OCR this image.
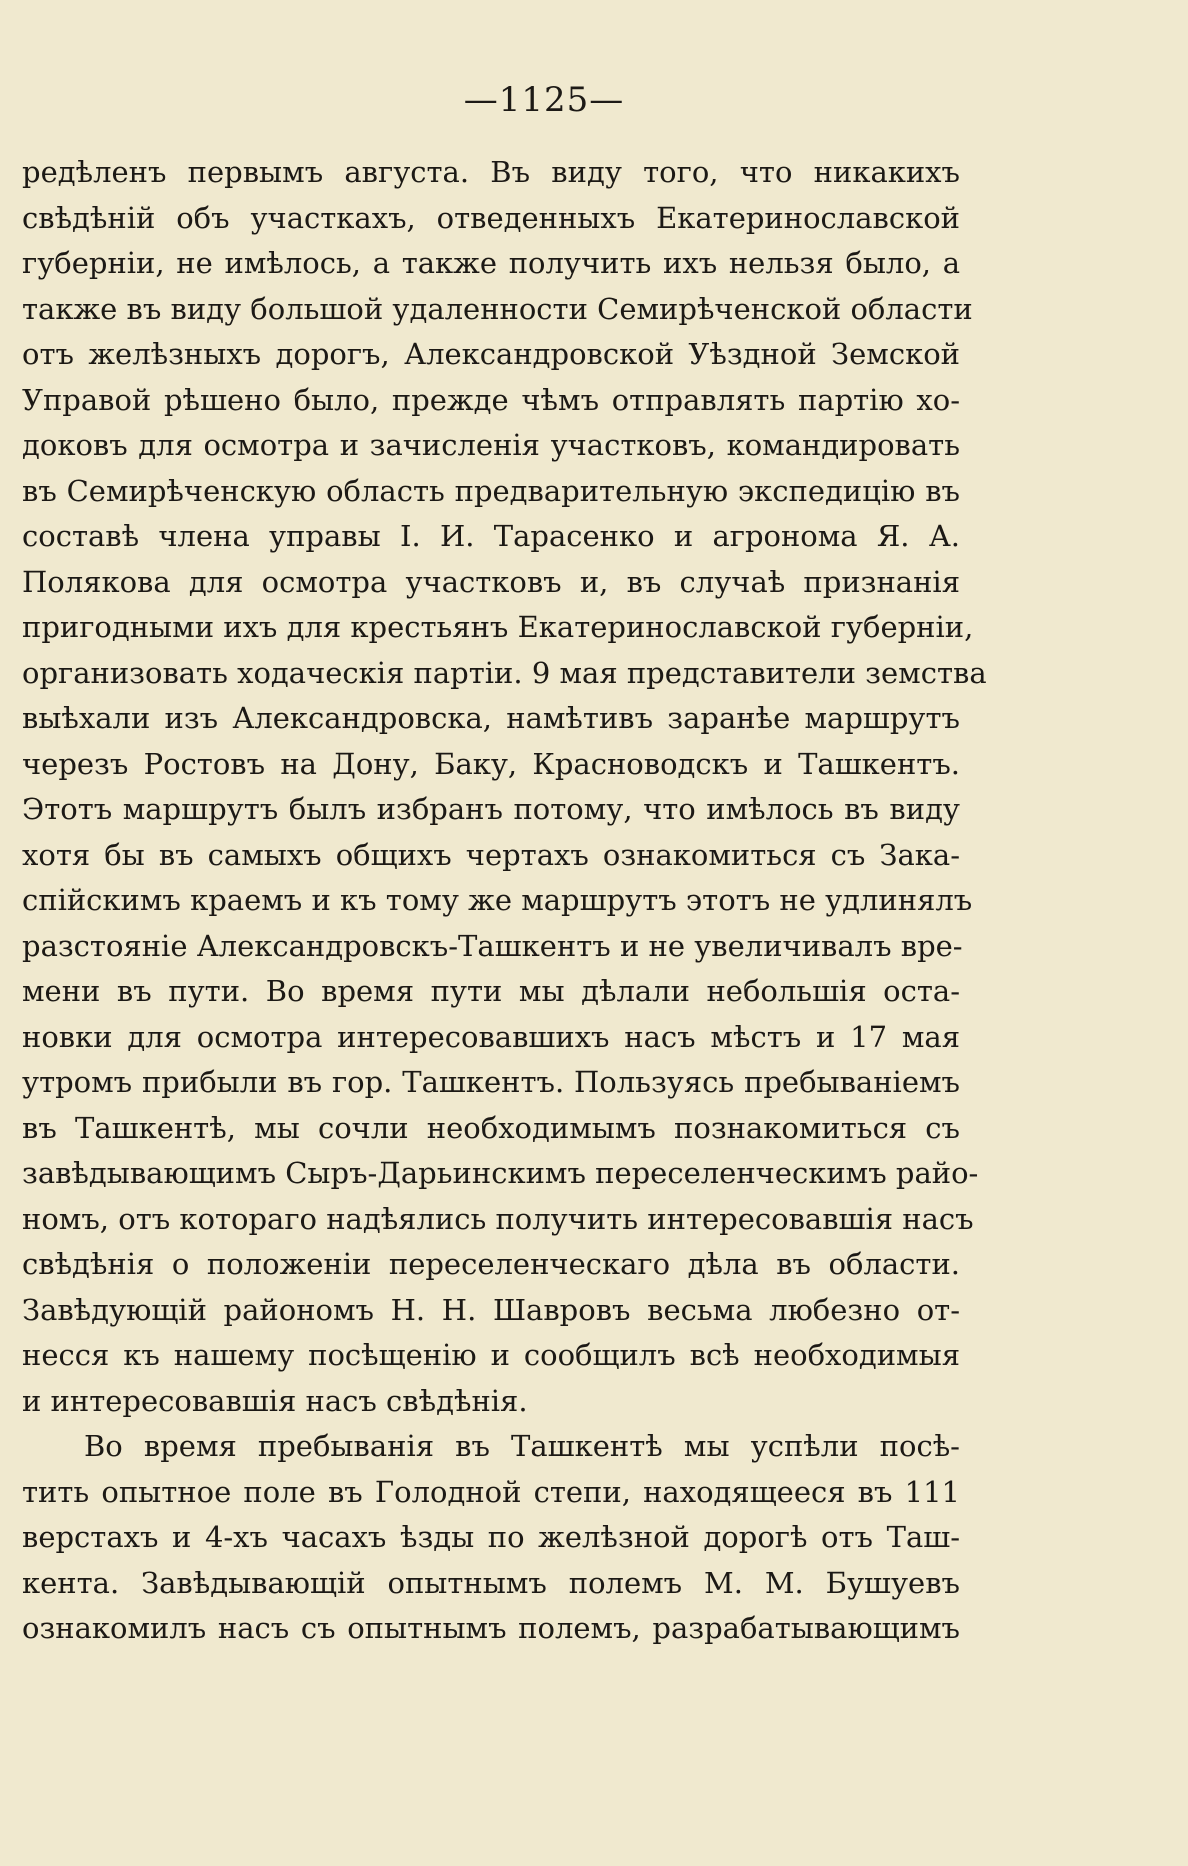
—1125—
редѣленъ первымъ августа. Въ виду того, что никакихъ
свѣдѣній объ участкахъ, отведенныхъ Екатеринославской
губерніи, не имѣлось, а также получить ихъ нельзя было, а
также въ виду большой удаленности Семирѣченской области
отъ желѣзныхъ дорогъ, Александровской Уѣздной Земской
Управой рѣшено было, прежде чѣмъ отправлять партію хо-
доковъ для осмотра и зачисленія участковъ, командировать
въ Семирѣченскую область предварительную экспедицію въ
составѣ члена управы І. И. Тарасенко и агронома Я. А.
Полякова для осмотра участковъ и, въ случаѣ признанія
пригодными ихъ для крестьянъ Екатеринославской губерніи,
организовать ходаческія партіи. 9 мая представители земства
выѣхали изъ Александровска, намѣтивъ заранѣе маршрутъ
черезъ Ростовъ на Дону, Баку, Красноводскъ и Ташкентъ.
Этотъ маршрутъ былъ избранъ потому, что имѣлось въ виду
хотя бы въ самыхъ общихъ чертахъ ознакомиться съ Зака-
спійскимъ краемъ и къ тому же маршрутъ этотъ не удлинялъ
разстояніе Александровскъ-Ташкентъ и не увеличивалъ вре-
мени въ пути. Во время пути мы дѣлали небольшія оста-
новки для осмотра интересовавшихъ насъ мѣстъ и 17 мая
утромъ прибыли въ гор. Ташкентъ. Пользуясь пребываніемъ
въ Ташкентѣ, мы сочли необходимымъ познакомиться съ
завѣдывающимъ Сыръ-Дарьинскимъ переселенческимъ райо-
номъ, отъ котораго надѣялись получить интересовавшія насъ
свѣдѣнія о положеніи переселенческаго дѣла въ области.
Завѣдующій райономъ Н. Н. Шавровъ весьма любезно от-
несся къ нашему посѣщенію и сообщилъ всѣ необходимыя
и интересовавшія насъ свѣдѣнія.
Во время пребыванія въ Ташкентѣ мы успѣли посѣ-
тить опытное поле въ Голодной степи, находящееся въ 111
верстахъ и 4-хъ часахъ ѣзды по желѣзной дорогѣ отъ Таш-
кента. Завѣдывающій опытнымъ полемъ М. М. Бушуевъ
ознакомилъ насъ съ опытнымъ полемъ, разрабатывающимъ
